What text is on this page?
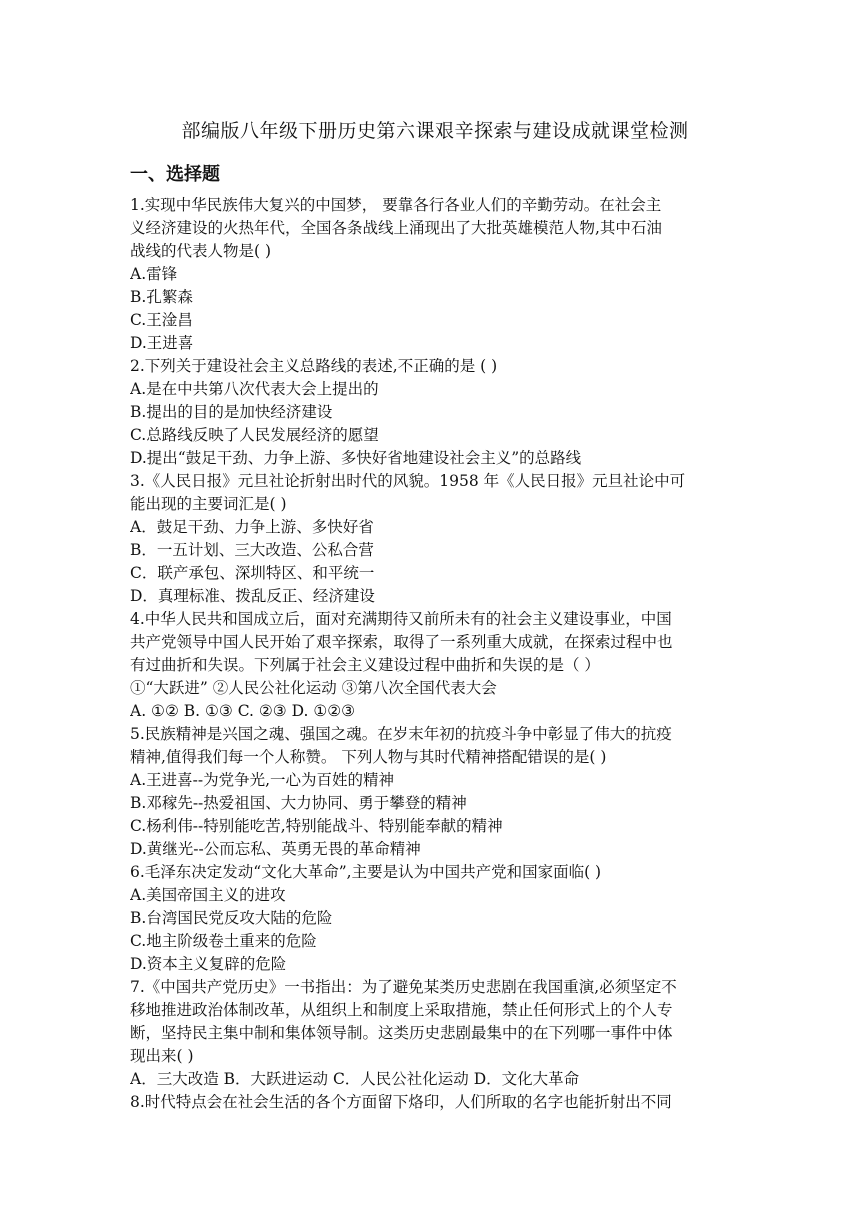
部编版八年级下册历史第六课艰辛探索与建设成就课堂检测
一、选择题
1.实现中华民族伟大复兴的中国梦， 要靠各行各业人们的辛勤劳动。在社会主
义经济建设的火热年代，全国各条战线上涌现出了大批英雄模范人物,其中石油
战线的代表人物是( )
A.雷锋
B.孔繁森
C.王淦昌
D.王进喜
2.下列关于建设社会主义总路线的表述,不正确的是 ( )
A.是在中共第八次代表大会上提出的
B.提出的目的是加快经济建设
C.总路线反映了人民发展经济的愿望
D.提出“鼓足干劲、力争上游、多快好省地建设社会主义”的总路线
3.《人民日报》元旦社论折射出时代的风貌。1958 年《人民日报》元旦社论中可
能出现的主要词汇是( )
A．鼓足干劲、力争上游、多快好省
B．一五计划、三大改造、公私合营
C．联产承包、深圳特区、和平统一
D．真理标准、拨乱反正、经济建设
4.中华人民共和国成立后，面对充满期待又前所未有的社会主义建设事业，中国
共产党领导中国人民开始了艰辛探索，取得了一系列重大成就，在探索过程中也
有过曲折和失误。下列属于社会主义建设过程中曲折和失误的是（ ）
①“大跃进” ②人民公社化运动 ③第八次全国代表大会
A. ①② B. ①③ C. ②③ D. ①②③
5.民族精神是兴国之魂、强国之魂。在岁末年初的抗疫斗争中彰显了伟大的抗疫
精神,值得我们每一个人称赞。 下列人物与其时代精神搭配错误的是( )
A.王进喜--为党争光,一心为百姓的精神
B.邓稼先--热爱祖国、大力协同、勇于攀登的精神
C.杨利伟--特别能吃苦,特别能战斗、特别能奉献的精神
D.黄继光--公而忘私、英勇无畏的革命精神
6.毛泽东决定发动“文化大革命”,主要是认为中国共产党和国家面临( )
A.美国帝国主义的进攻
B.台湾国民党反攻大陆的危险
C.地主阶级卷土重来的危险
D.资本主义复辟的危险
7.《中国共产党历史》一书指出：为了避免某类历史悲剧在我国重演,必须坚定不
移地推进政治体制改革，从组织上和制度上采取措施，禁止任何形式上的个人专
断，坚持民主集中制和集体领导制。这类历史悲剧最集中的在下列哪一事件中体
现出来( )
A．三大改造 B．大跃进运动 C．人民公社化运动 D．文化大革命
8.时代特点会在社会生活的各个方面留下烙印，人们所取的名字也能折射出不同
